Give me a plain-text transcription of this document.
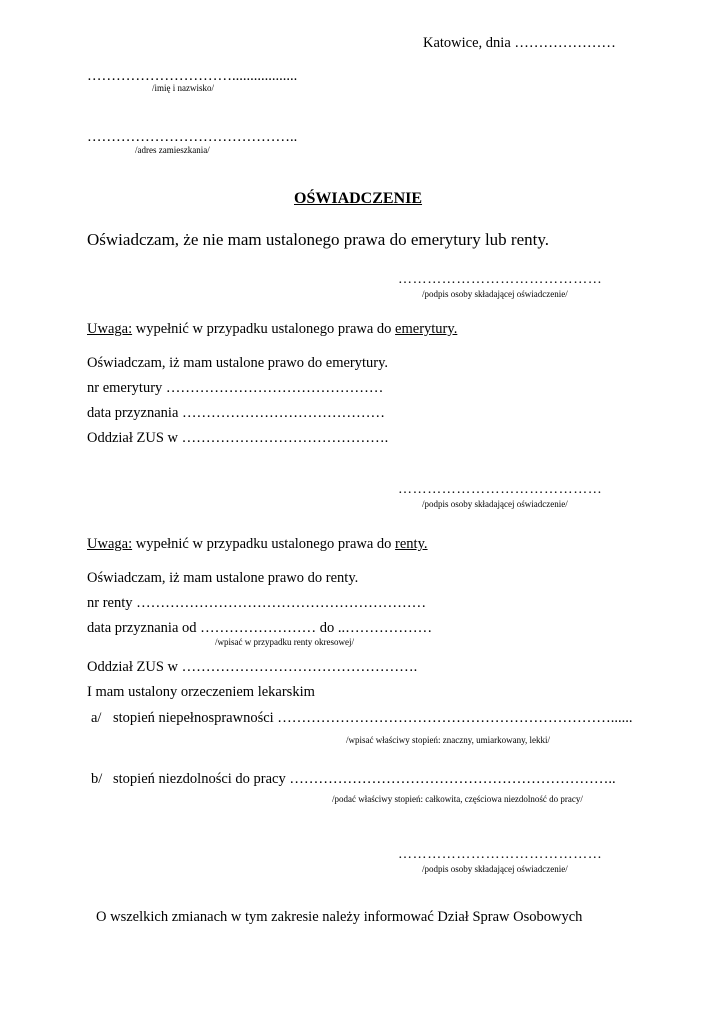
Katowice, dnia …………………
…………………………..................
/imię i nazwisko/
……………………………………..
/adres zamieszkania/
OŚWIADCZENIE
Oświadczam, że nie mam ustalonego prawa do emerytury lub renty.
……………………………………
/podpis osoby składającej oświadczenie/
Uwaga: wypełnić w przypadku ustalonego prawa do emerytury.
Oświadczam, iż mam ustalone prawo do emerytury.
nr emerytury ………………………………………
data przyznania ……………………………………
Oddział ZUS w …………………………………….
……………………………………
/podpis osoby składającej oświadczenie/
Uwaga: wypełnić w przypadku ustalonego prawa do renty.
Oświadczam, iż mam ustalone prawo do renty.
nr renty ……………………………………………………
data przyznania od …………………… do ..………………
/wpisać w przypadku renty okresowej/
Oddział ZUS w ………………………………………….
I mam ustalony orzeczeniem lekarskim
a/ stopień niepełnosprawności ……………………………………………………………......
/wpisać właściwy stopień: znaczny, umiarkowany, lekki/
b/ stopień niezdolności do pracy …………………………………………………………..
/podać właściwy stopień: całkowita, częściowa niezdolność do pracy/
……………………………………
/podpis osoby składającej oświadczenie/
O wszelkich zmianach w tym zakresie należy informować Dział Spraw Osobowych
